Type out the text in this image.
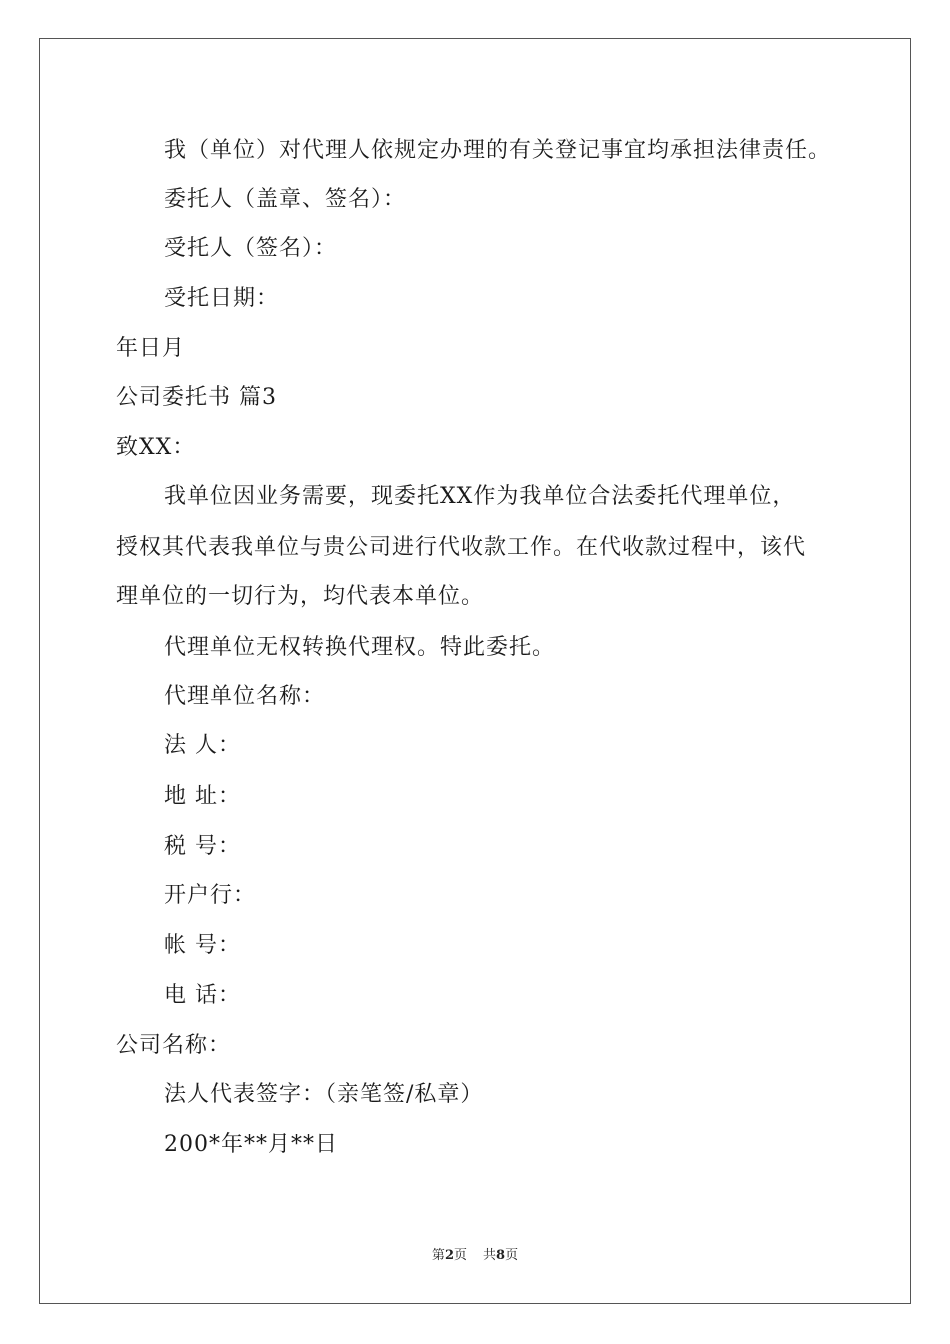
我（单位）对代理人依规定办理的有关登记事宜均承担法律责任。
委托人（盖章、签名）：
受托人（签名）：
受托日期：
年日月
公司委托书 篇3
致XX：
我单位因业务需要，现委托XX作为我单位合法委托代理单位，
授权其代表我单位与贵公司进行代收款工作。在代收款过程中，该代
理单位的一切行为，均代表本单位。
代理单位无权转换代理权。特此委托。
代理单位名称：
法 人：
地 址：
税 号：
开户行：
帐 号：
电 话：
公司名称：
法人代表签字：（亲笔签/私章）
200*年**月**日
第2页 共8页
